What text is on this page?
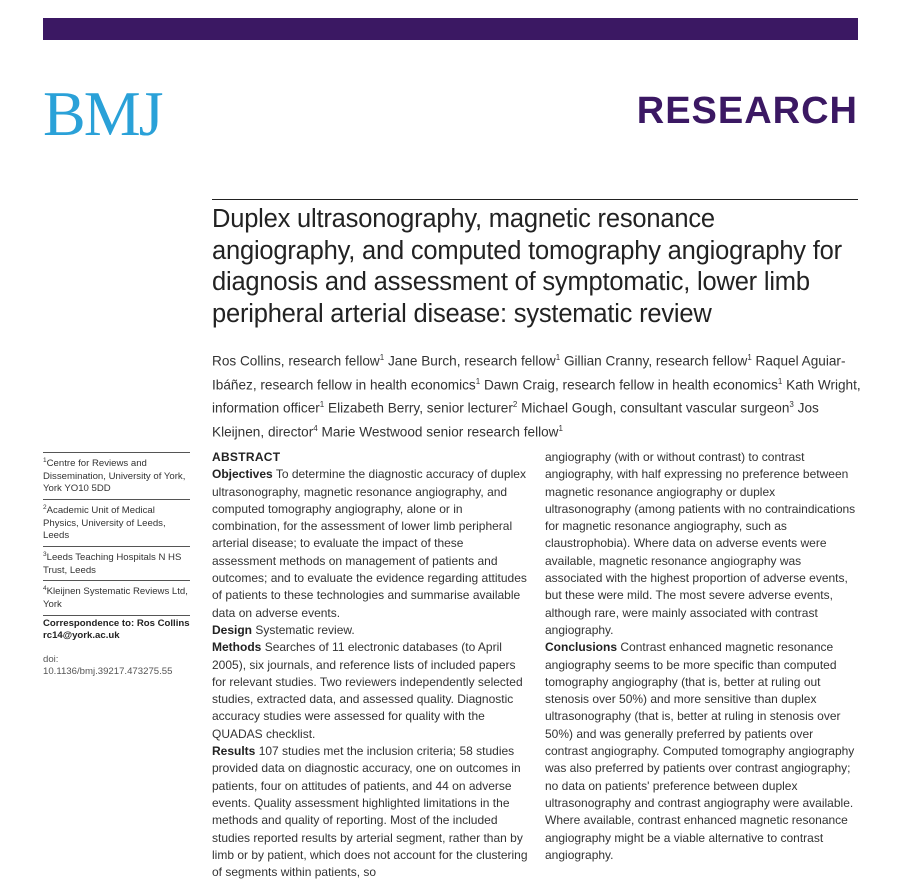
BMJ	RESEARCH
Duplex ultrasonography, magnetic resonance angiography, and computed tomography angiography for diagnosis and assessment of symptomatic, lower limb peripheral arterial disease: systematic review

Ros Collins, research fellow$^1$ Jane Burch, research fellow$^1$ Gillian Cranny, research fellow$^1$ Raquel Aguiar-Ibáñez, research fellow in health economics$^1$ Dawn Craig, research fellow in health economics$^1$ Kath Wright, information officer$^1$ Elizabeth Berry, senior lecturer$^2$ Michael Gough, consultant vascular surgeon$^3$ Jos Kleijnen, director$^4$ Marie Westwood senior research fellow$^1$

$^1$Centre for Reviews and Dissemination, University of York, York YO10 5DD
$^2$Academic Unit of Medical Physics, University of Leeds, Leeds
$^3$Leeds Teaching Hospitals N HS Trust, Leeds
$^4$Kleijnen Systematic Reviews Ltd, York
Correspondence to: Ros Collins rc14@york.ac.uk
doi: 10.1136/bmj.39217.473275.55
ABSTRACT

Objectives To determine the diagnostic accuracy of duplex ultrasonography, magnetic resonance angiography, and computed tomography angiography, alone or in combination, for the assessment of lower limb peripheral arterial disease; to evaluate the impact of these assessment methods on management of patients and outcomes; and to evaluate the evidence regarding attitudes of patients to these technologies and summarise available data on adverse events.

Design Systematic review.

Methods Searches of 11 electronic databases (to April 2005), six journals, and reference lists of included papers for relevant studies. Two reviewers independently selected studies, extracted data, and assessed quality. Diagnostic accuracy studies were assessed for quality with the QUADAS checklist.

Results 107 studies met the inclusion criteria; 58 studies provided data on diagnostic accuracy, one on outcomes in patients, four on attitudes of patients, and 44 on adverse events. Quality assessment highlighted limitations in the methods and quality of reporting. Most of the included studies reported results by arterial segment, rather than by limb or by patient, which does not account for the clustering of segments within patients, so

angiography (with or without contrast) to contrast angiography, with half expressing no preference between magnetic resonance angiography or duplex ultrasonography (among patients with no contraindications for magnetic resonance angiography, such as claustrophobia). Where data on adverse events were available, magnetic resonance angiography was associated with the highest proportion of adverse events, but these were mild. The most severe adverse events, although rare, were mainly associated with contrast angiography.

Conclusions Contrast enhanced magnetic resonance angiography seems to be more specific than computed tomography angiography (that is, better at ruling out stenosis over 50%) and more sensitive than duplex ultrasonography (that is, better at ruling in stenosis over 50%) and was generally preferred by patients over contrast angiography. Computed tomography angiography was also preferred by patients over contrast angiography; no data on patients' preference between duplex ultrasonography and contrast angiography were available. Where available, contrast enhanced magnetic resonance angiography might be a viable alternative to contrast angiography.
